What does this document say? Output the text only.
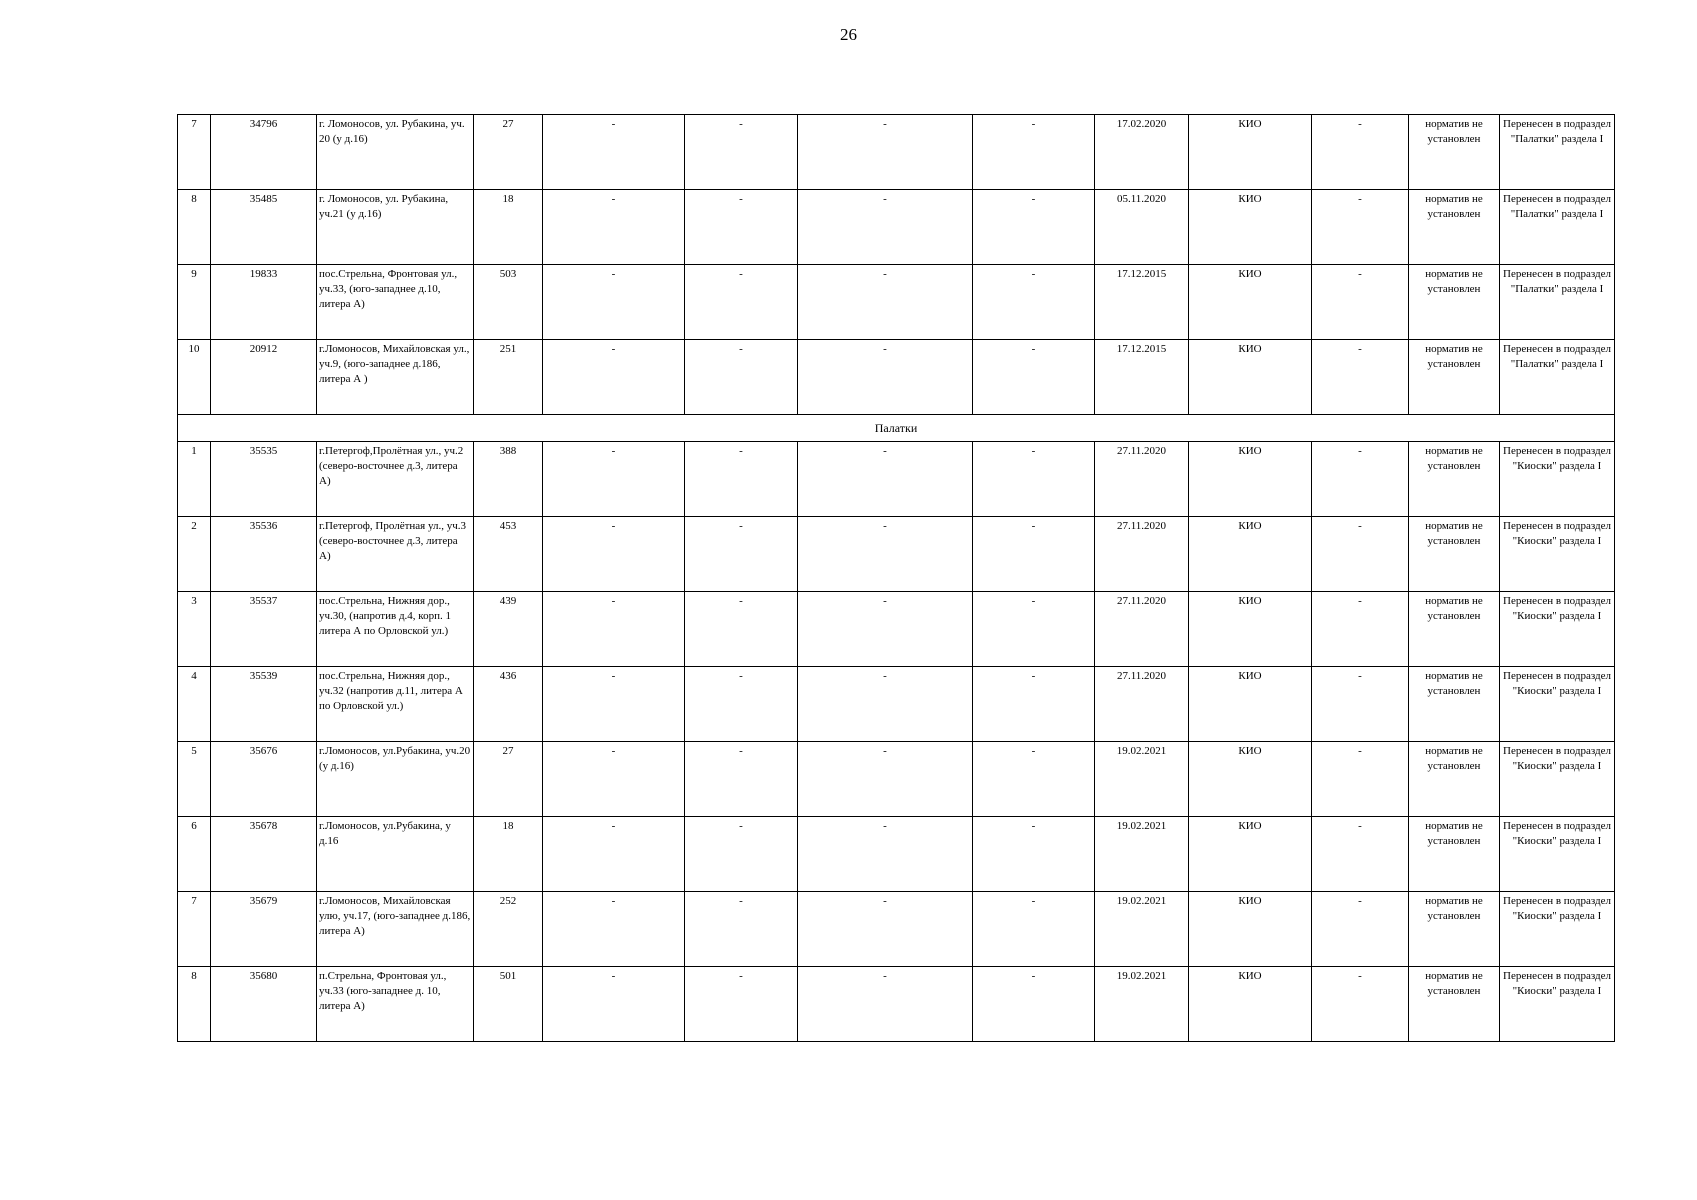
26
7	34796	г. Ломоносов, ул. Рубакина, уч. 20 (у д.16)	27	-	-	-	-	17.02.2020	КИО	-	норматив не установлен	Перенесен в подраздел "Палатки" раздела I
8	35485	г. Ломоносов, ул. Рубакина, уч.21 (у д.16)	18	-	-	-	-	05.11.2020	КИО	-	норматив не установлен	Перенесен в подраздел "Палатки" раздела I
9	19833	пос.Стрельна, Фронтовая ул., уч.33, (юго-западнее д.10, литера А)	503	-	-	-	-	17.12.2015	КИО	-	норматив не установлен	Перенесен в подраздел "Палатки" раздела I
10	20912	г.Ломоносов, Михайловская ул., уч.9, (юго-западнее д.186, литера А )	251	-	-	-	-	17.12.2015	КИО	-	норматив не установлен	Перенесен в подраздел "Палатки" раздела I
Палатки												
1	35535	г.Петергоф,Пролётная ул., уч.2 (северо-восточнее д.3, литера А)	388	-	-	-	-	27.11.2020	КИО	-	норматив не установлен	Перенесен в подраздел "Киоски" раздела I
2	35536	г.Петергоф, Пролётная ул., уч.3 (северо-восточнее д.3, литера А)	453	-	-	-	-	27.11.2020	КИО	-	норматив не установлен	Перенесен в подраздел "Киоски" раздела I
3	35537	пос.Стрельна, Нижняя дор., уч.30, (напротив д.4, корп. 1 литера А по Орловской ул.)	439	-	-	-	-	27.11.2020	КИО	-	норматив не установлен	Перенесен в подраздел "Киоски" раздела I
4	35539	пос.Стрельна, Нижняя дор., уч.32 (напротив д.11, литера А по Орловской ул.)	436	-	-	-	-	27.11.2020	КИО	-	норматив не установлен	Перенесен в подраздел "Киоски" раздела I
5	35676	г.Ломоносов, ул.Рубакина, уч.20 (у д.16)	27	-	-	-	-	19.02.2021	КИО	-	норматив не установлен	Перенесен в подраздел "Киоски" раздела I
6	35678	г.Ломоносов, ул.Рубакина, у д.16	18	-	-	-	-	19.02.2021	КИО	-	норматив не установлен	Перенесен в подраздел "Киоски" раздела I
7	35679	г.Ломоносов, Михайловская улю, уч.17, (юго-западнее д.186, литера А)	252	-	-	-	-	19.02.2021	КИО	-	норматив не установлен	Перенесен в подраздел "Киоски" раздела I
8	35680	п.Стрельна, Фронтовая ул., уч.33 (юго-западнее д. 10, литера А)	501	-	-	-	-	19.02.2021	КИО	-	норматив не установлен	Перенесен в подраздел "Киоски" раздела I
